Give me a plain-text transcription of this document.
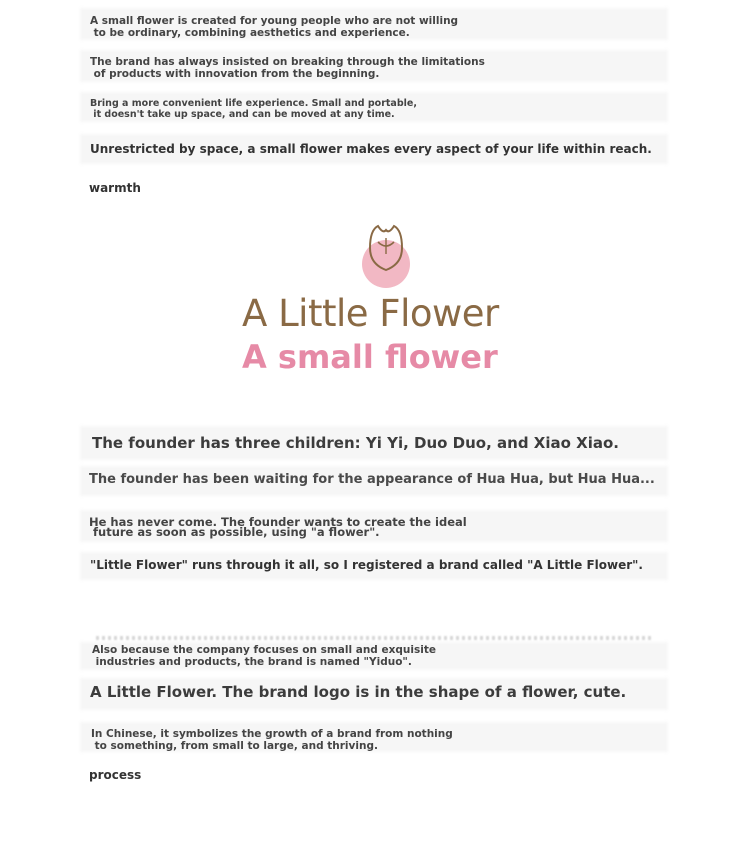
A small flower is created for young people who are not willing
to be ordinary, combining aesthetics and experience.

The brand has always insisted on breaking through the limitations
of products with innovation from the beginning.

Bring a more convenient life experience. Small and portable,
it doesn't take up space, and can be moved at any time.

Unrestricted by space, a small flower makes every aspect of your life within reach.

warmth

A Little Flower
A small flower

The founder has three children: Yi Yi, Duo Duo, and Xiao Xiao.

The founder has been waiting for the appearance of Hua Hua, but Hua Hua...

He has never come. The founder wants to create the ideal
future as soon as possible, using "a flower".

"Little Flower" runs through it all, so I registered a brand called "A Little Flower".

Also because the company focuses on small and exquisite
industries and products, the brand is named "Yiduo".

A Little Flower. The brand logo is in the shape of a flower, cute.

In Chinese, it symbolizes the growth of a brand from nothing
to something, from small to large, and thriving.

process
